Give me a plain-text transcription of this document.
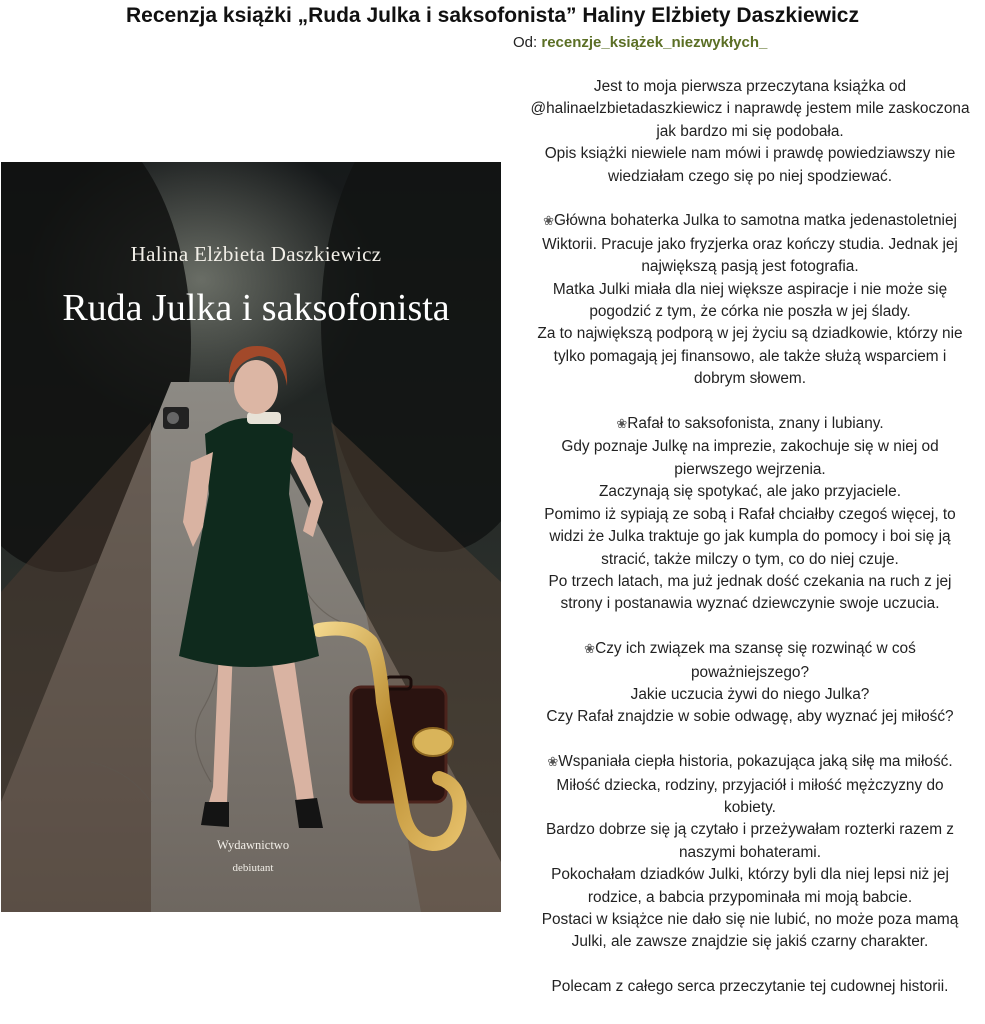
Recenzja książki „Ruda Julka i saksofonista” Haliny Elżbiety Daszkiewicz
Od: recenzje_książek_niezwykłych_
Halina Elżbieta Daszkiewicz
Ruda Julka i saksofonista
Wydawnictwo
debiutant

Jest to moja pierwsza przeczytana książka od

@halinaelzbietadaszkiewicz i naprawdę jestem mile zaskoczona

jak bardzo mi się podobała.

Opis książki niewiele nam mówi i prawdę powiedziawszy nie

wiedziałam czego się po niej spodziewać.

❀Główna bohaterka Julka to samotna matka jedenastoletniej

Wiktorii. Pracuje jako fryzjerka oraz kończy studia. Jednak jej

największą pasją jest fotografia.

Matka Julki miała dla niej większe aspiracje i nie może się

pogodzić z tym, że córka nie poszła w jej ślady.

Za to największą podporą w jej życiu są dziadkowie, którzy nie

tylko pomagają jej finansowo, ale także służą wsparciem i

dobrym słowem.

❀Rafał to saksofonista, znany i lubiany.

Gdy poznaje Julkę na imprezie, zakochuje się w niej od

pierwszego wejrzenia.

Zaczynają się spotykać, ale jako przyjaciele.

Pomimo iż sypiają ze sobą i Rafał chciałby czegoś więcej, to

widzi że Julka traktuje go jak kumpla do pomocy i boi się ją

stracić, także milczy o tym, co do niej czuje.

Po trzech latach, ma już jednak dość czekania na ruch z jej

strony i postanawia wyznać dziewczynie swoje uczucia.

❀Czy ich związek ma szansę się rozwinąć w coś

poważniejszego?

Jakie uczucia żywi do niego Julka?

Czy Rafał znajdzie w sobie odwagę, aby wyznać jej miłość?

❀Wspaniała ciepła historia, pokazująca jaką siłę ma miłość.

Miłość dziecka, rodziny, przyjaciół i miłość mężczyzny do

kobiety.

Bardzo dobrze się ją czytało i przeżywałam rozterki razem z

naszymi bohaterami.

Pokochałam dziadków Julki, którzy byli dla niej lepsi niż jej

rodzice, a babcia przypominała mi moją babcie.

Postaci w książce nie dało się nie lubić, no może poza mamą

Julki, ale zawsze znajdzie się jakiś czarny charakter.

Polecam z całego serca przeczytanie tej cudownej historii.
